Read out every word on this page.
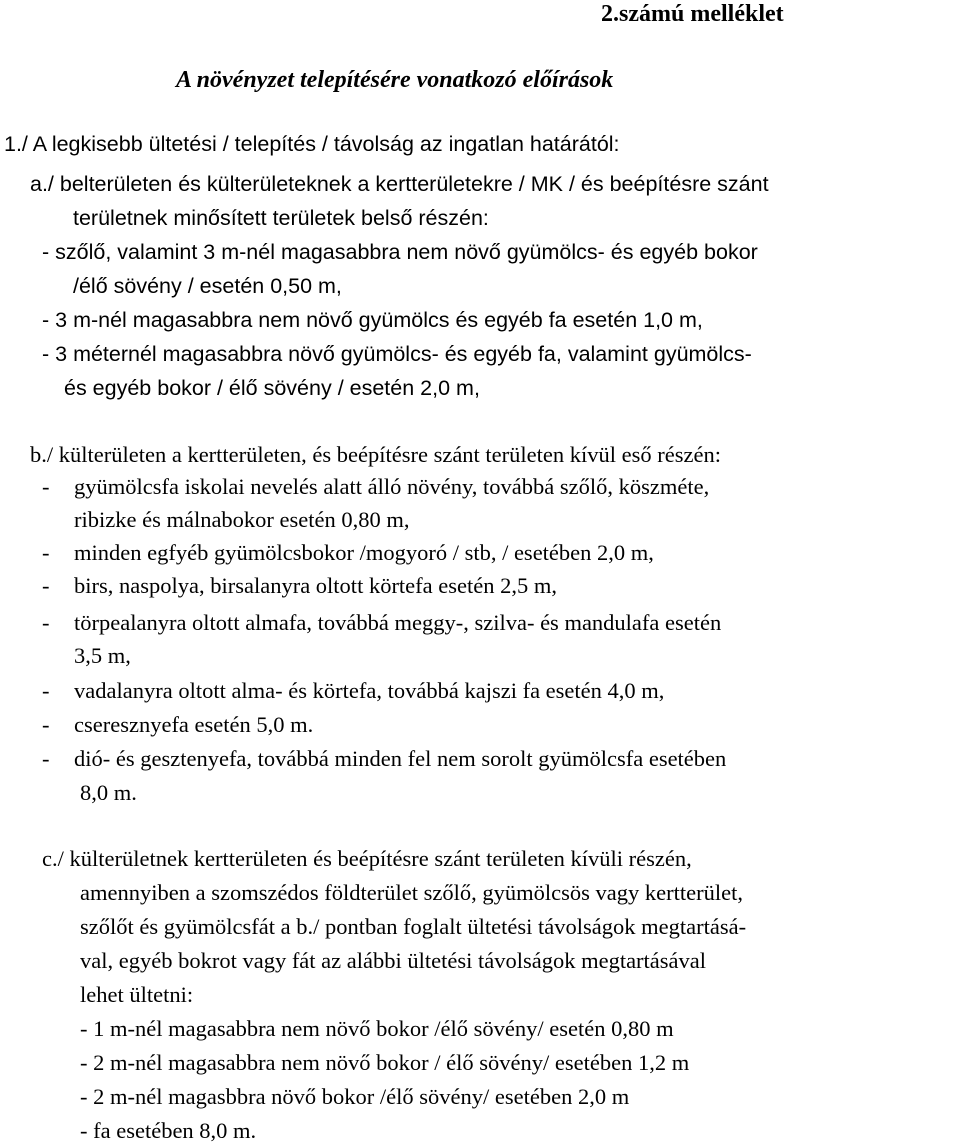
2.számú melléklet
A növényzet telepítésére vonatkozó előírások
1./ A legkisebb ültetési / telepítés / távolság az ingatlan határától:
a./ belterületen és külterületeknek a kertterületekre / MK / és beépítésre szánt
területnek minősített területek belső részén:
- szőlő, valamint 3 m-nél magasabbra nem növő gyümölcs- és egyéb bokor
/élő sövény / esetén 0,50 m,
- 3 m-nél magasabbra nem növő gyümölcs és egyéb fa esetén 1,0 m,
- 3 méternél magasabbra növő gyümölcs- és egyéb fa, valamint gyümölcs-
és egyéb bokor / élő sövény / esetén 2,0 m,
b./ külterületen a kertterületen, és beépítésre szánt területen kívül eső részén:
- gyümölcsfa iskolai nevelés alatt álló növény, továbbá szőlő, köszméte,
ribizke és málnabokor esetén 0,80 m,
- minden egfyéb gyümölcsbokor /mogyoró / stb, / esetében 2,0 m,
- birs, naspolya, birsalanyra oltott körtefa esetén 2,5 m,
- törpealanyra oltott almafa, továbbá meggy-, szilva- és mandulafa esetén
3,5 m,
- vadalanyra oltott alma- és körtefa, továbbá kajszi fa esetén 4,0 m,
- cseresznyefa esetén 5,0 m.
- dió- és gesztenyefa, továbbá minden fel nem sorolt gyümölcsfa esetében
8,0 m.
c./ külterületnek kertterületen és beépítésre szánt területen kívüli részén,
amennyiben a szomszédos földterület szőlő, gyümölcsös vagy kertterület,
szőlőt és gyümölcsfát a b./ pontban foglalt ültetési távolságok megtartásá-
val, egyéb bokrot vagy fát az alábbi ültetési távolságok megtartásával
lehet ültetni:
- 1 m-nél magasabbra nem növő bokor /élő sövény/ esetén 0,80 m
- 2 m-nél magasabbra nem növő bokor / élő sövény/ esetében 1,2 m
- 2 m-nél magasbbra növő bokor /élő sövény/ esetében 2,0 m
- fa esetében 8,0 m.
